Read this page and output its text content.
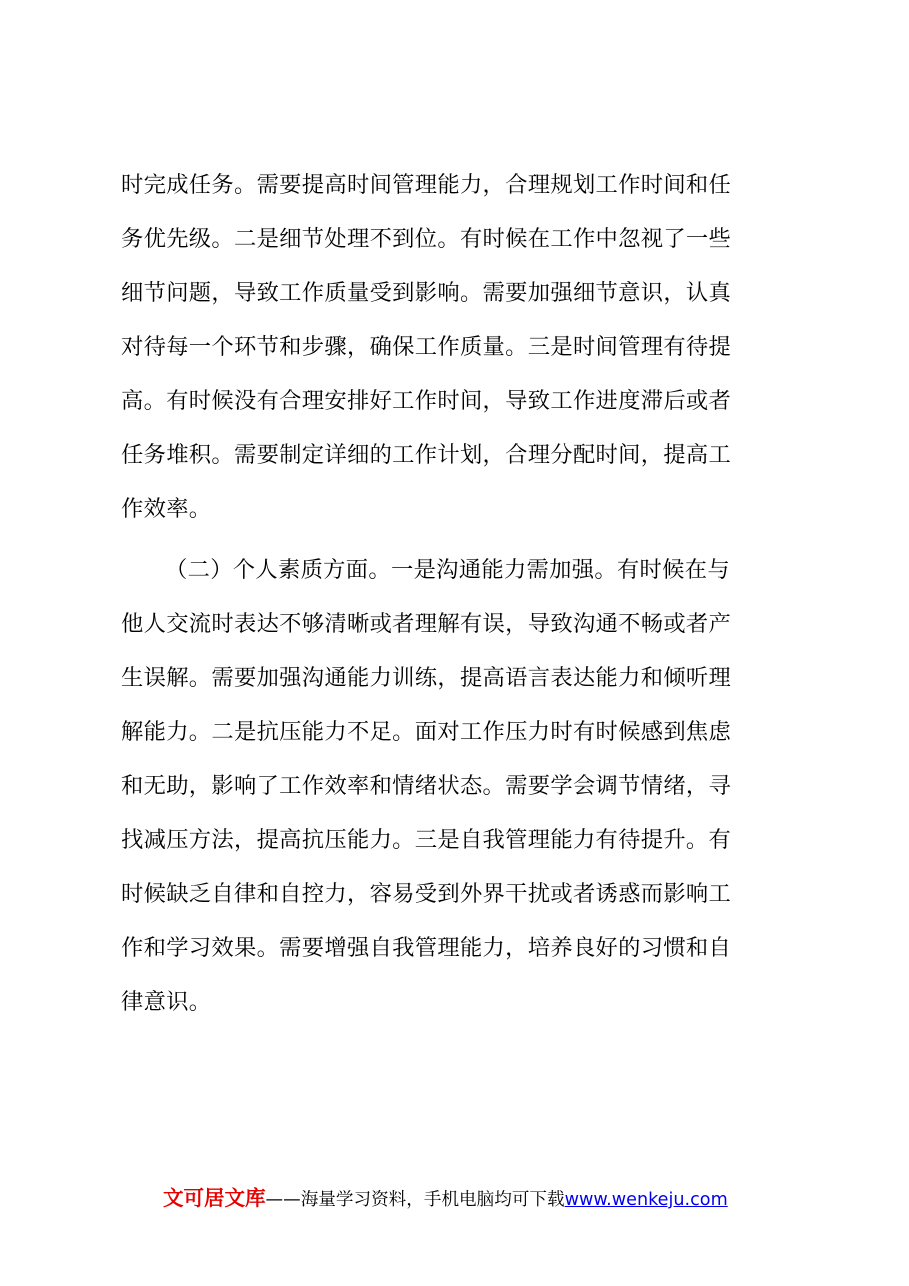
时完成任务。需要提高时间管理能力，合理规划工作时间和任
务优先级。二是细节处理不到位。有时候在工作中忽视了一些
细节问题，导致工作质量受到影响。需要加强细节意识，认真
对待每一个环节和步骤，确保工作质量。三是时间管理有待提
高。有时候没有合理安排好工作时间，导致工作进度滞后或者
任务堆积。需要制定详细的工作计划，合理分配时间，提高工
作效率。
（二）个人素质方面。一是沟通能力需加强。有时候在与
他人交流时表达不够清晰或者理解有误，导致沟通不畅或者产
生误解。需要加强沟通能力训练，提高语言表达能力和倾听理
解能力。二是抗压能力不足。面对工作压力时有时候感到焦虑
和无助，影响了工作效率和情绪状态。需要学会调节情绪，寻
找减压方法，提高抗压能力。三是自我管理能力有待提升。有
时候缺乏自律和自控力，容易受到外界干扰或者诱惑而影响工
作和学习效果。需要增强自我管理能力，培养良好的习惯和自
律意识。
文可居文库——海量学习资料，手机电脑均可下载www.wenkeju.com
